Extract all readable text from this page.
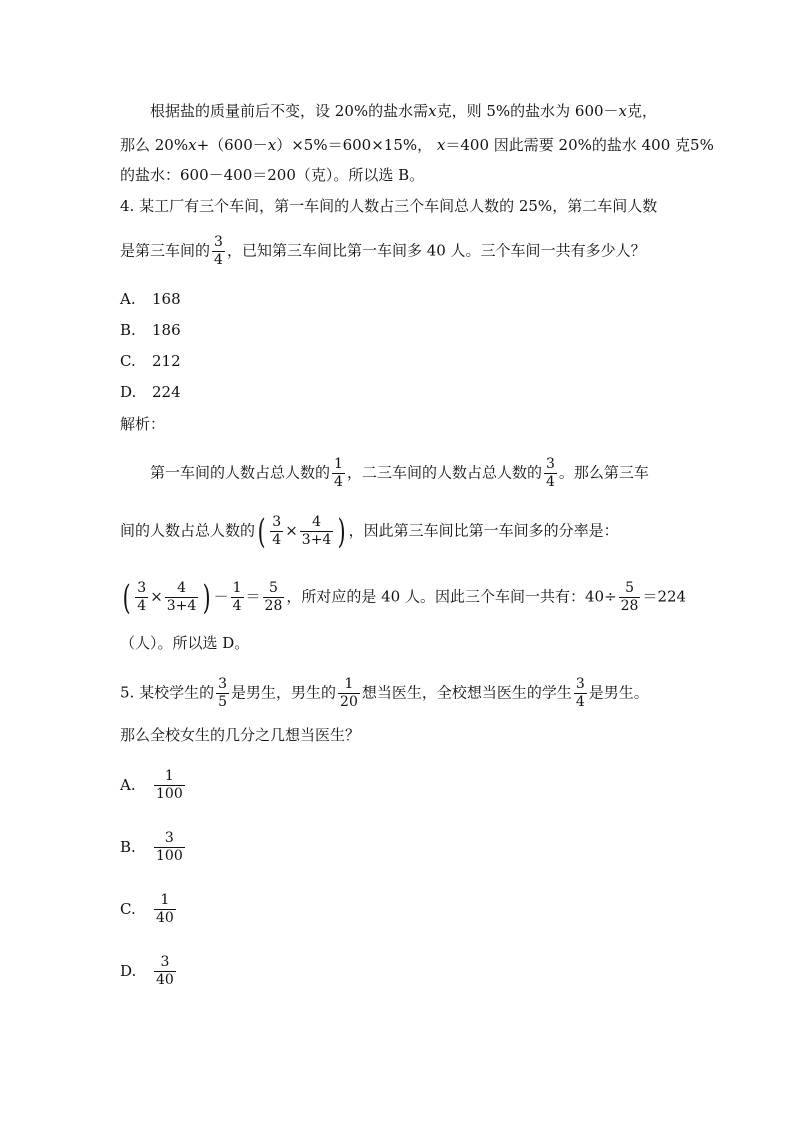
根据盐的质量前后不变，设 20%的盐水需𝑥克，则 5%的盐水为 600－𝑥克，
那么 20%𝑥+（600－𝑥）×5%＝600×15%， 𝑥＝400 因此需要 20%的盐水 400 克5%
的盐水：600－400＝200（克）。所以选 B。
4. 某工厂有三个车间，第一车间的人数占三个车间总人数的 25%，第二车间人数
是第三车间的 $\frac{3}{4}$ ，已知第三车间比第一车间多 40 人。三个车间一共有多少人？
A. 168
B. 186
C. 212
D. 224
解析：
第一车间的人数占总人数的 $\frac{1}{4}$ ，二三车间的人数占总人数的 $\frac{3}{4}$ 。那么第三车
间的人数占总人数的( $\frac{3}{4} \times \frac{4}{3+4}$ ) ，因此第三车间比第一车间多的分率是：
( $\frac{3}{4} \times \frac{4}{3+4}$ ) － $\frac{1}{4} = \frac{5}{28}$ ，所对应的是 40 人。因此三个车间一共有：$40\div \frac{5}{28} =224$
（人）。所以选 D。
5. 某校学生的 $\frac{3}{5}$ 是男生，男生的 $\frac{1}{20}$ 想当医生，全校想当医生的学生 $\frac{3}{4}$ 是男生。
那么全校女生的几分之几想当医生？
A. $\frac{1}{100}$
B. $\frac{3}{100}$
C. $\frac{1}{40}$
D. $\frac{3}{40}$
